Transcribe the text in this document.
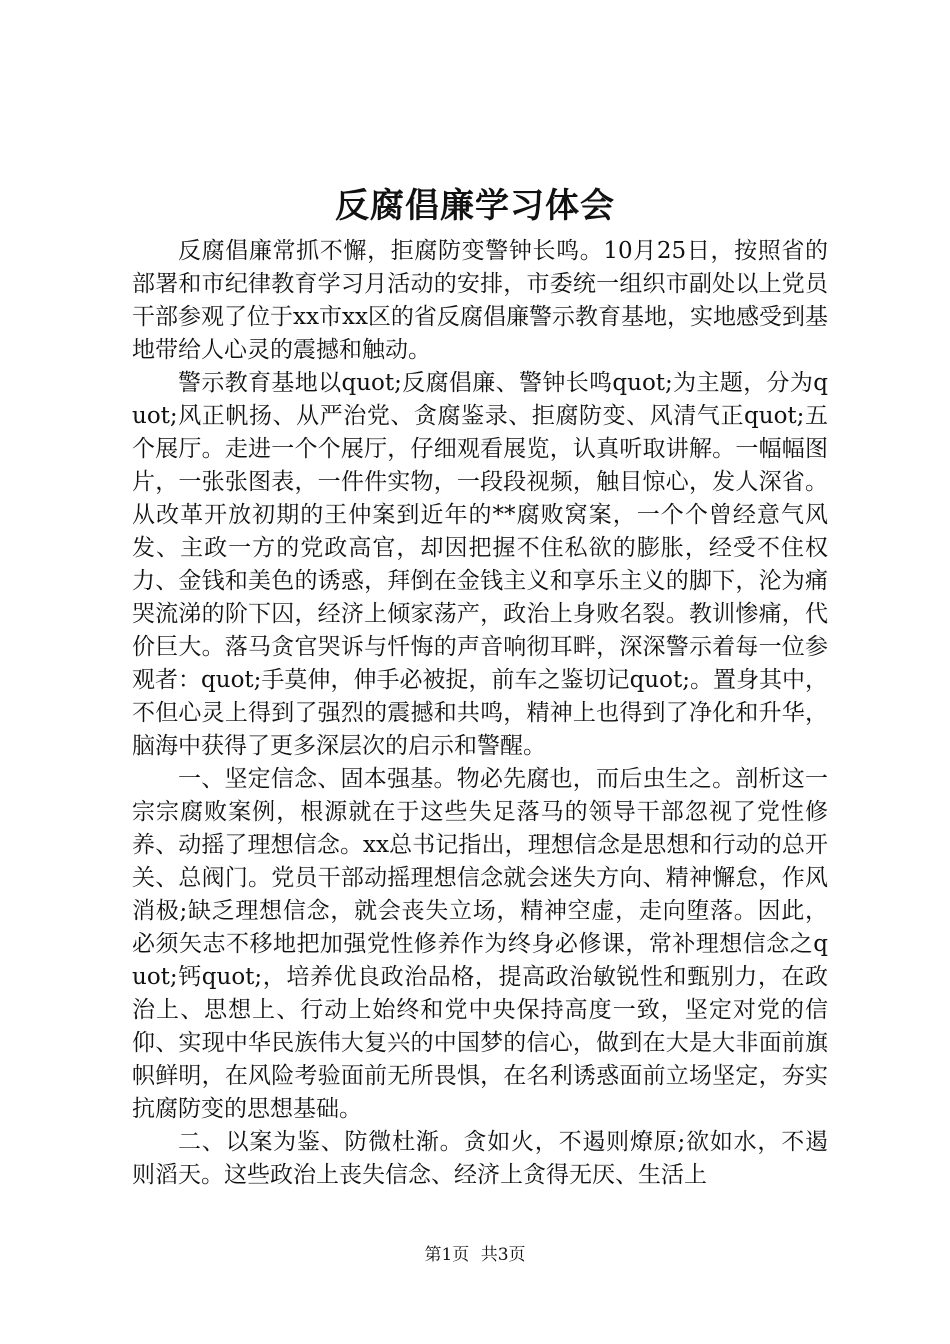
反腐倡廉学习体会

反腐倡廉常抓不懈，拒腐防变警钟长鸣。10月25日，按照省的部署和市纪律教育学习月活动的安排，市委统一组织市副处以上党员干部参观了位于xx市xx区的省反腐倡廉警示教育基地，实地感受到基地带给人心灵的震撼和触动。

警示教育基地以quot;反腐倡廉、警钟长鸣quot;为主题，分为quot;风正帆扬、从严治党、贪腐鉴录、拒腐防变、风清气正quot;五个展厅。走进一个个展厅，仔细观看展览，认真听取讲解。一幅幅图片，一张张图表，一件件实物，一段段视频，触目惊心，发人深省。从改革开放初期的王仲案到近年的**腐败窝案，一个个曾经意气风发、主政一方的党政高官，却因把握不住私欲的膨胀，经受不住权力、金钱和美色的诱惑，拜倒在金钱主义和享乐主义的脚下，沦为痛哭流涕的阶下囚，经济上倾家荡产，政治上身败名裂。教训惨痛，代价巨大。落马贪官哭诉与忏悔的声音响彻耳畔，深深警示着每一位参观者：quot;手莫伸，伸手必被捉，前车之鉴切记quot;。置身其中，不但心灵上得到了强烈的震撼和共鸣，精神上也得到了净化和升华，脑海中获得了更多深层次的启示和警醒。

一、坚定信念、固本强基。物必先腐也，而后虫生之。剖析这一宗宗腐败案例，根源就在于这些失足落马的领导干部忽视了党性修养、动摇了理想信念。xx总书记指出，理想信念是思想和行动的总开关、总阀门。党员干部动摇理想信念就会迷失方向、精神懈怠，作风消极;缺乏理想信念，就会丧失立场，精神空虚，走向堕落。因此，必须矢志不移地把加强党性修养作为终身必修课，常补理想信念之quot;钙quot;，培养优良政治品格，提高政治敏锐性和甄别力，在政治上、思想上、行动上始终和党中央保持高度一致，坚定对党的信仰、实现中华民族伟大复兴的中国梦的信心，做到在大是大非面前旗帜鲜明，在风险考验面前无所畏惧，在名利诱惑面前立场坚定，夯实抗腐防变的思想基础。

二、以案为鉴、防微杜渐。贪如火，不遏则燎原;欲如水，不遏则滔天。这些政治上丧失信念、经济上贪得无厌、生活上

第1页 共3页
